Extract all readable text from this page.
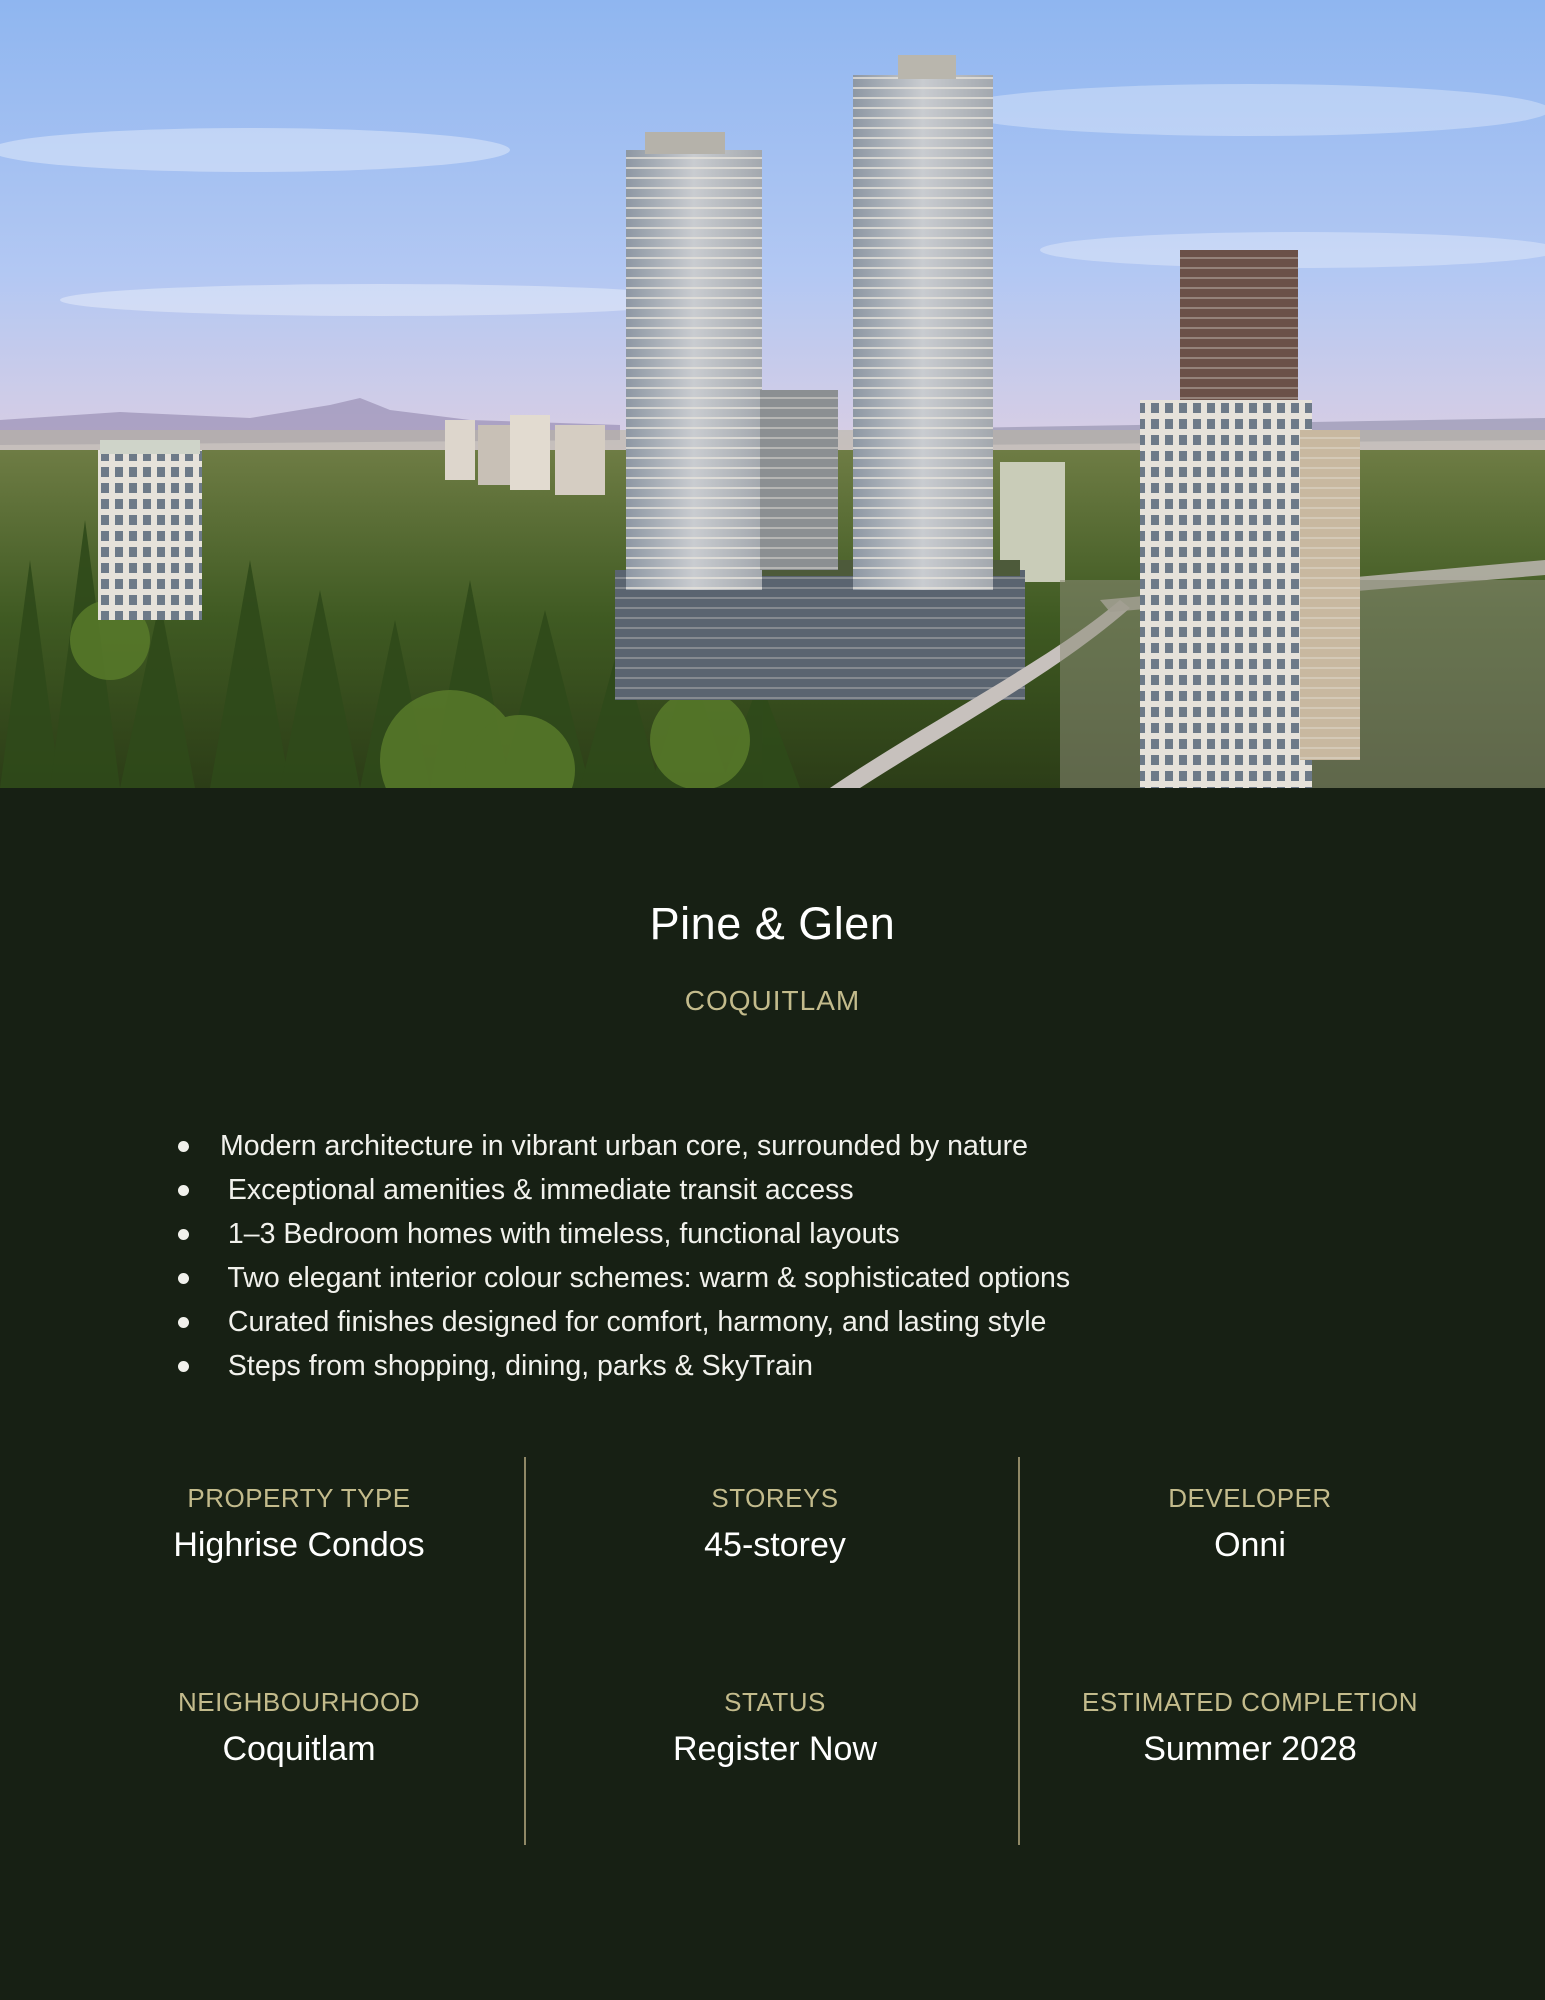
Pine & Glen
COQUITLAM
Modern architecture in vibrant urban core, surrounded by nature
Exceptional amenities & immediate transit access
1–3 Bedroom homes with timeless, functional layouts
Two elegant interior colour schemes: warm & sophisticated options
Curated finishes designed for comfort, harmony, and lasting style
Steps from shopping, dining, parks & SkyTrain
PROPERTY TYPE
Highrise Condos
STOREYS
45-storey
DEVELOPER
Onni
NEIGHBOURHOOD
Coquitlam
STATUS
Register Now
ESTIMATED COMPLETION
Summer 2028
